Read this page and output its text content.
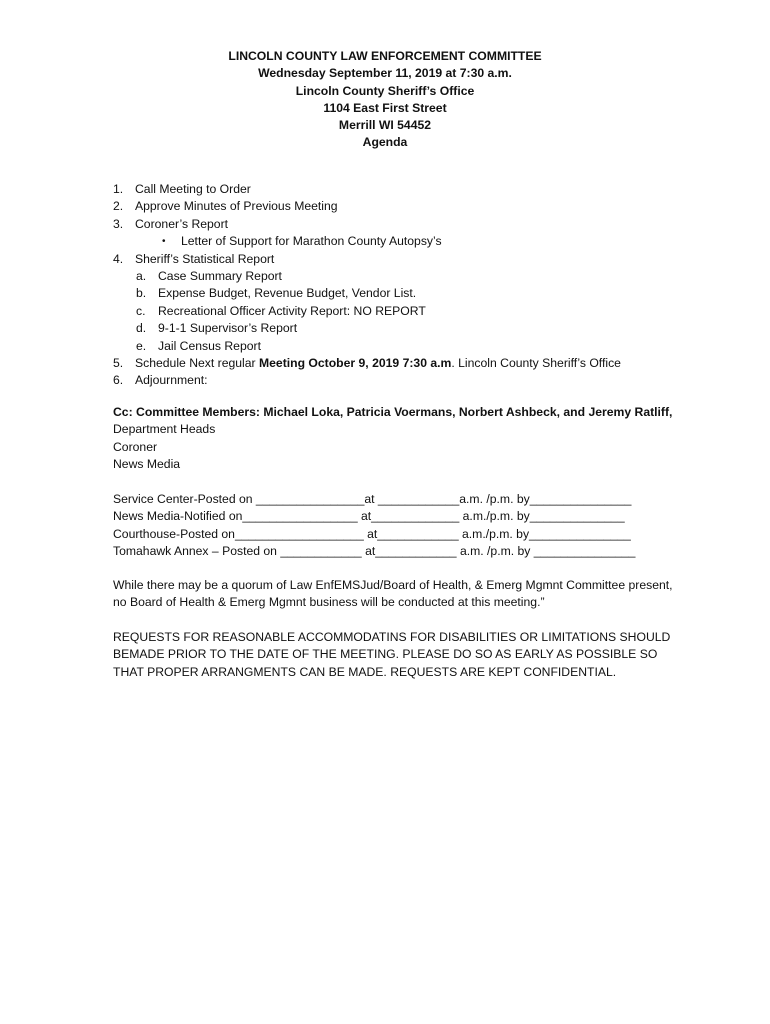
LINCOLN COUNTY LAW ENFORCEMENT COMMITTEE
Wednesday September 11, 2019 at 7:30 a.m.
Lincoln County Sheriff’s Office
1104 East First Street
Merrill WI 54452
Agenda
1. Call Meeting to Order
2. Approve Minutes of Previous Meeting
3. Coroner’s Report
• Letter of Support for Marathon County Autopsy’s
4. Sheriff’s Statistical Report
a. Case Summary Report
b. Expense Budget, Revenue Budget, Vendor List.
c. Recreational Officer Activity Report: NO REPORT
d. 9-1-1 Supervisor’s Report
e. Jail Census Report
5. Schedule Next regular Meeting October 9, 2019 7:30 a.m. Lincoln County Sheriff’s Office
6. Adjournment:
Cc: Committee Members: Michael Loka, Patricia Voermans, Norbert Ashbeck, and Jeremy Ratliff,
Department Heads
Coroner
News Media
Service Center-Posted on ________________at ____________a.m. /p.m. by_______________
News Media-Notified on_________________ at_____________ a.m./p.m. by______________
Courthouse-Posted on___________________ at____________ a.m./p.m. by_______________
Tomahawk Annex – Posted on ____________ at____________ a.m. /p.m. by _______________
While there may be a quorum of Law EnfEMSJud/Board of Health, & Emerg Mgmnt Committee present, no Board of Health & Emerg Mgmnt business will be conducted at this meeting.”
REQUESTS FOR REASONABLE ACCOMMODATINS FOR DISABILITIES OR LIMITATIONS SHOULD BEMADE PRIOR TO THE DATE OF THE MEETING. PLEASE DO SO AS EARLY AS POSSIBLE SO THAT PROPER ARRANGMENTS CAN BE MADE. REQUESTS ARE KEPT CONFIDENTIAL.
